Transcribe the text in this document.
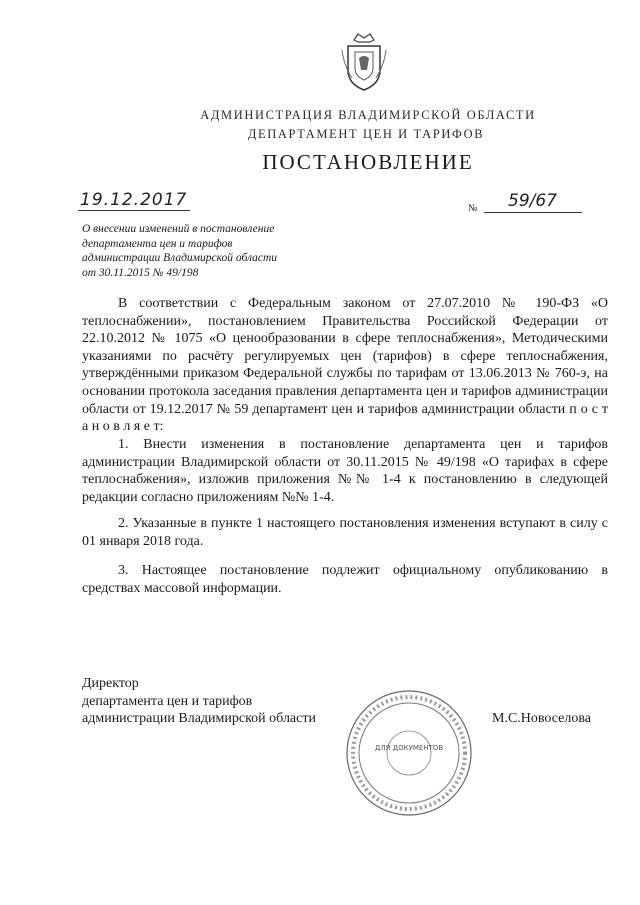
АДМИНИСТРАЦИЯ ВЛАДИМИРСКОЙ ОБЛАСТИ
ДЕПАРТАМЕНТ ЦЕН И ТАРИФОВ
ПОСТАНОВЛЕНИЕ
19.12.2017	№ 59/67
О внесении изменений в постановление
департамента цен и тарифов
администрации Владимирской области
от 30.11.2015 № 49/198
В соответствии с Федеральным законом от 27.07.2010 № 190-ФЗ «О теплоснабжении», постановлением Правительства Российской Федерации от 22.10.2012 № 1075 «О ценообразовании в сфере теплоснабжения», Методическими указаниями по расчёту регулируемых цен (тарифов) в сфере теплоснабжения, утверждёнными приказом Федеральной службы по тарифам от 13.06.2013 № 760-э, на основании протокола заседания правления департамента цен и тарифов администрации области от 19.12.2017 № 59 департамент цен и тарифов администрации области п о с т а н о в л я е т:
1. Внести изменения в постановление департамента цен и тарифов администрации Владимирской области от 30.11.2015 № 49/198 «О тарифах в сфере теплоснабжения», изложив приложения №№ 1-4 к постановлению в следующей редакции согласно приложениям №№ 1-4.
2. Указанные в пункте 1 настоящего постановления изменения вступают в силу с 01 января 2018 года.
3. Настоящее постановление подлежит официальному опубликованию в средствах массовой информации.
Директор
департамента цен и тарифов
администрации Владимирской области
ДЛЯ ДОКУМЕНТОВ
М.С.Новоселова
